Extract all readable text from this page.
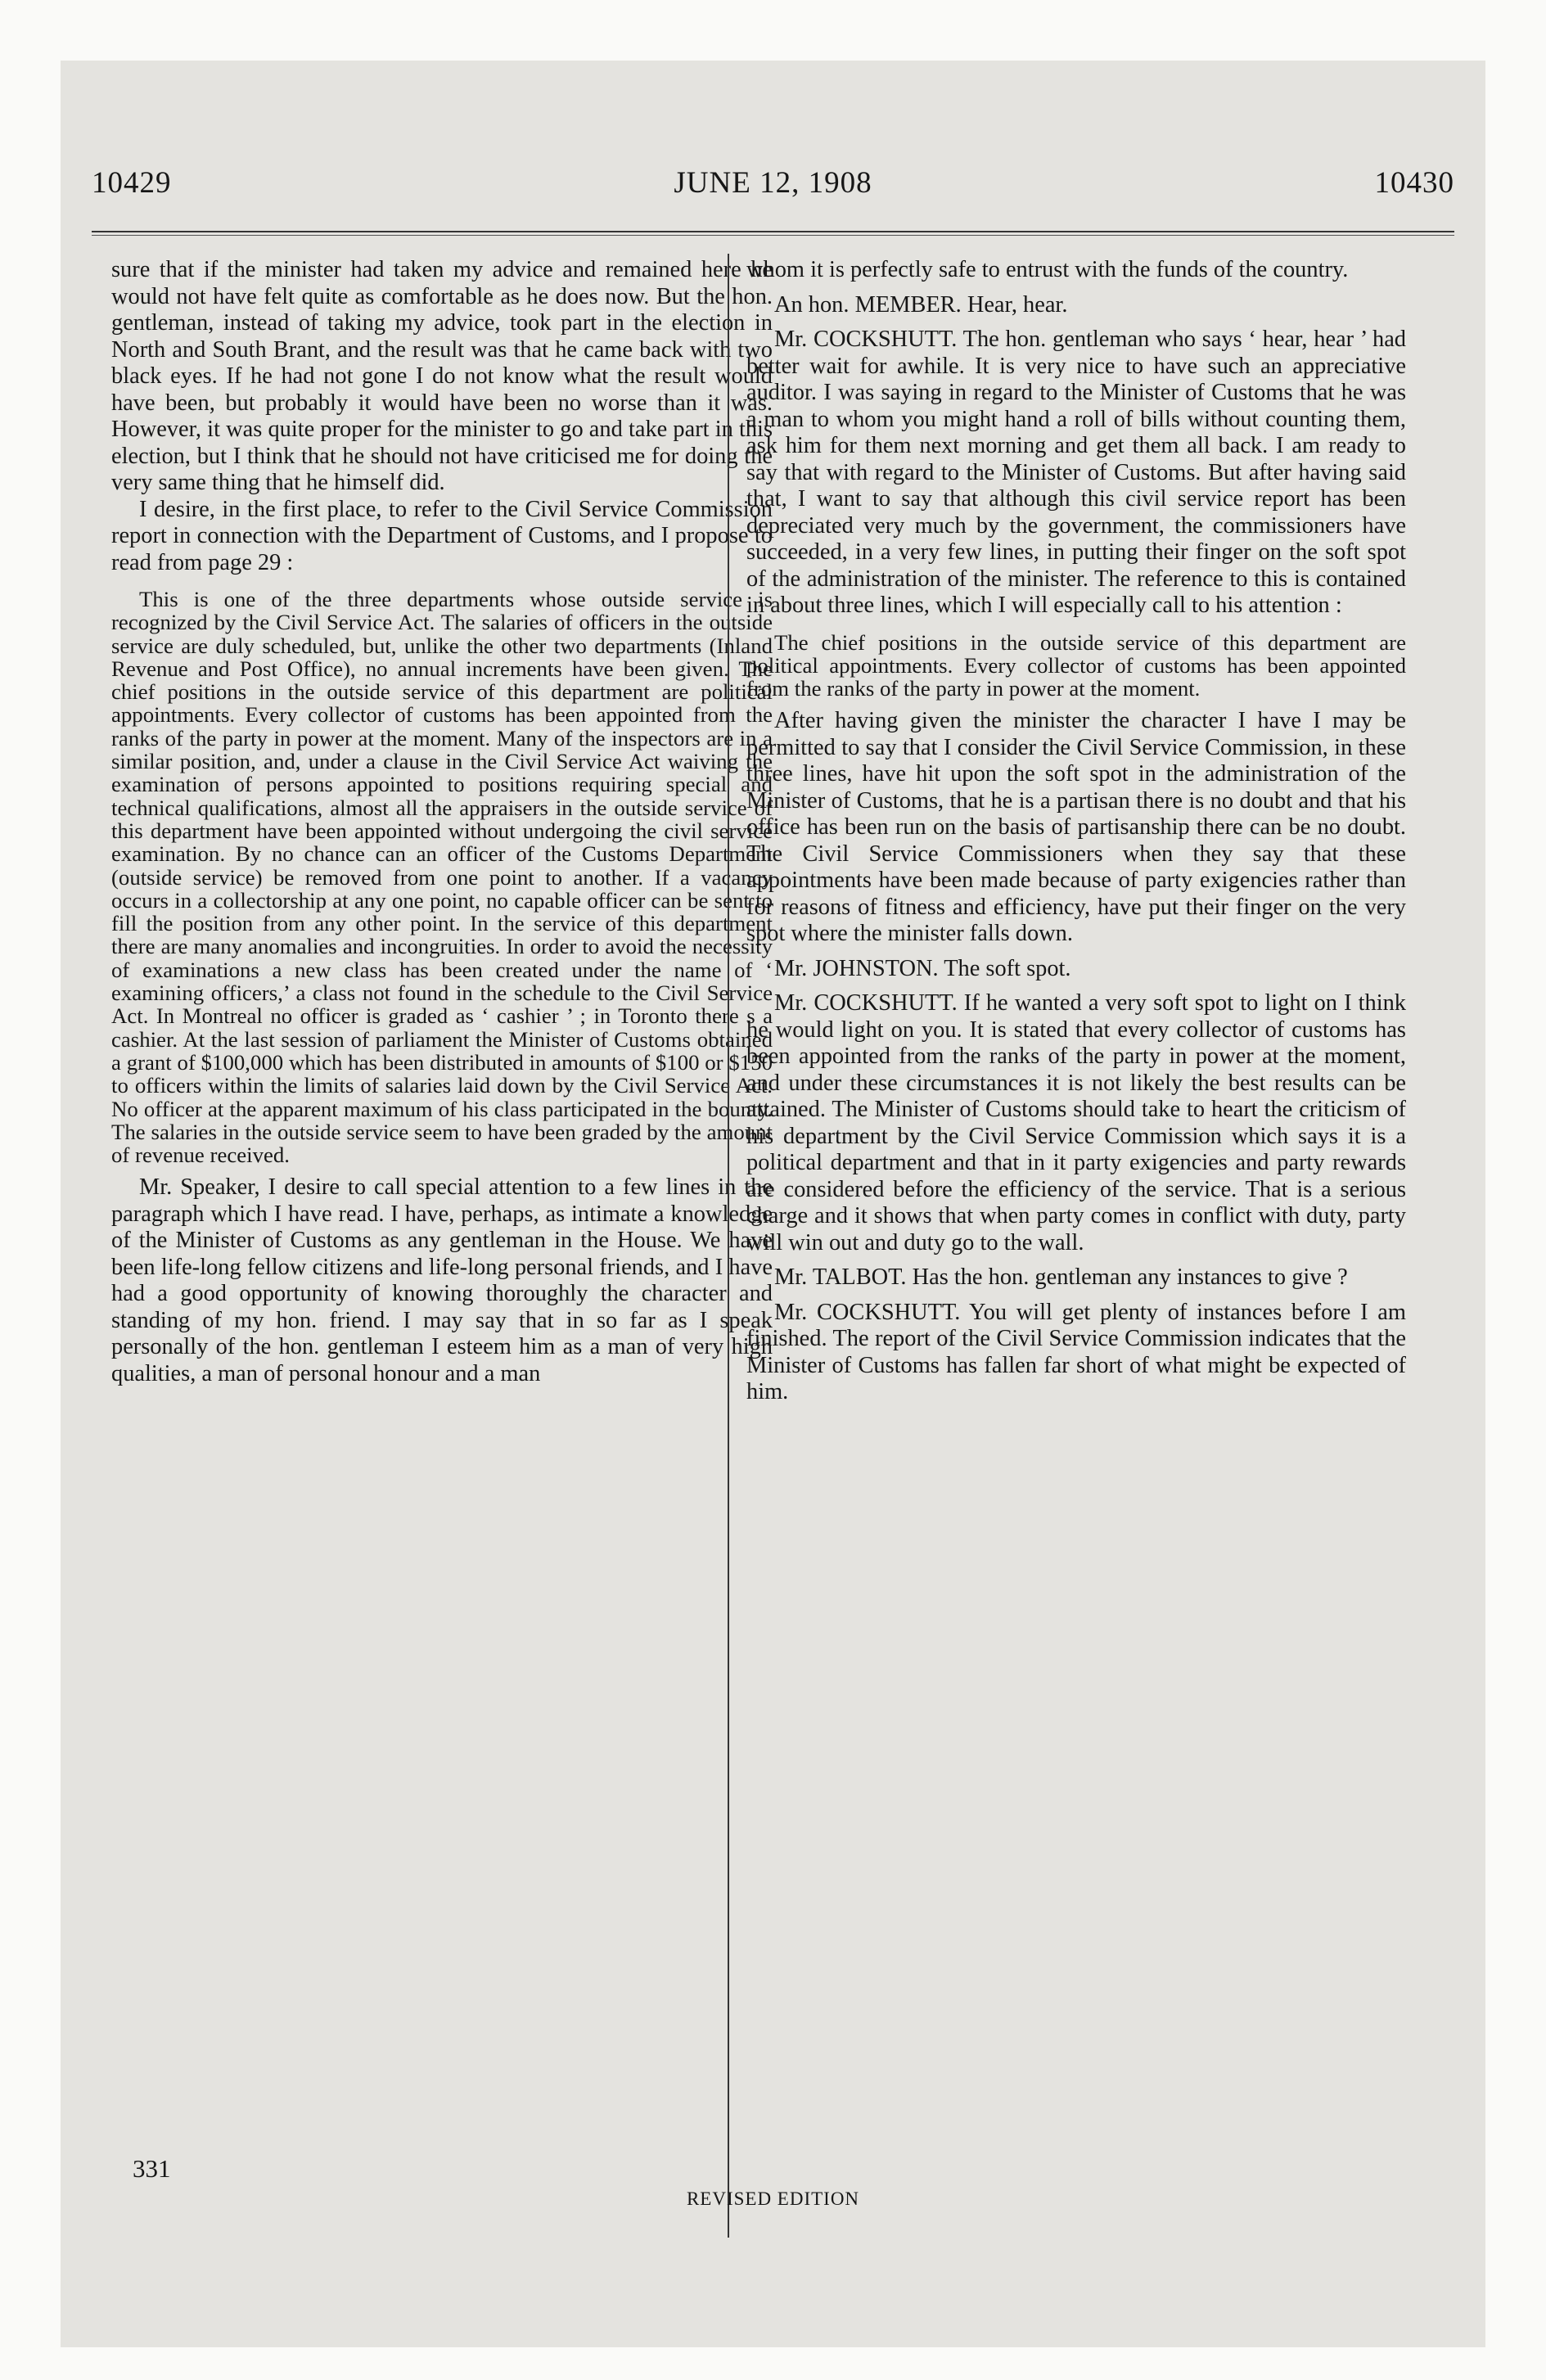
10429	JUNE 12, 1908	10430

sure that if the minister had taken my advice and remained here he would not have felt quite as comfortable as he does now. But the hon. gentleman, instead of taking my advice, took part in the election in North and South Brant, and the result was that he came back with two black eyes. If he had not gone I do not know what the result would have been, but probably it would have been no worse than it was. However, it was quite proper for the minister to go and take part in this election, but I think that he should not have criticised me for doing the very same thing that he himself did.

I desire, in the first place, to refer to the Civil Service Commission report in connection with the Department of Customs, and I propose to read from page 29 :

This is one of the three departments whose outside service is recognized by the Civil Service Act. The salaries of officers in the outside service are duly scheduled, but, unlike the other two departments (Inland Revenue and Post Office), no annual increments have been given. The chief positions in the outside service of this department are political appointments. Every collector of customs has been appointed from the ranks of the party in power at the moment. Many of the inspectors are in a similar position, and, under a clause in the Civil Service Act waiving the examination of persons appointed to positions requiring special and technical qualifications, almost all the appraisers in the outside service of this department have been appointed without undergoing the civil service examination. By no chance can an officer of the Customs Department (outside service) be removed from one point to another. If a vacancy occurs in a collectorship at any one point, no capable officer can be sent to fill the position from any other point. In the service of this department there are many anomalies and incongruities. In order to avoid the necessity of examinations a new class has been created under the name of ‘ examining officers,’ a class not found in the schedule to the Civil Service Act. In Montreal no officer is graded as ‘ cashier ’ ; in Toronto there s a cashier. At the last session of parliament the Minister of Customs obtained a grant of $100,000 which has been distributed in amounts of $100 or $150 to officers within the limits of salaries laid down by the Civil Service Act. No officer at the apparent maximum of his class participated in the bounty. The salaries in the outside service seem to have been graded by the amount of revenue received.

Mr. Speaker, I desire to call special attention to a few lines in the paragraph which I have read. I have, perhaps, as intimate a knowledge of the Minister of Customs as any gentleman in the House. We have been life-long fellow citizens and life-long personal friends, and I have had a good opportunity of knowing thoroughly the character and standing of my hon. friend. I may say that in so far as I speak personally of the hon. gentleman I esteem him as a man of very high qualities, a man of personal honour and a man

whom it is perfectly safe to entrust with the funds of the country.

An hon. MEMBER. Hear, hear.

Mr. COCKSHUTT. The hon. gentleman who says ‘ hear, hear ’ had better wait for awhile. It is very nice to have such an appreciative auditor. I was saying in regard to the Minister of Customs that he was a man to whom you might hand a roll of bills without counting them, ask him for them next morning and get them all back. I am ready to say that with regard to the Minister of Customs. But after having said that, I want to say that although this civil service report has been depreciated very much by the government, the commissioners have succeeded, in a very few lines, in putting their finger on the soft spot of the administration of the minister. The reference to this is contained in about three lines, which I will especially call to his attention :

The chief positions in the outside service of this department are political appointments. Every collector of customs has been appointed from the ranks of the party in power at the moment.

After having given the minister the character I have I may be permitted to say that I consider the Civil Service Commission, in these three lines, have hit upon the soft spot in the administration of the Minister of Customs, that he is a partisan there is no doubt and that his office has been run on the basis of partisanship there can be no doubt. The Civil Service Commissioners when they say that these appointments have been made because of party exigencies rather than for reasons of fitness and efficiency, have put their finger on the very spot where the minister falls down.

Mr. JOHNSTON. The soft spot.

Mr. COCKSHUTT. If he wanted a very soft spot to light on I think he would light on you. It is stated that every collector of customs has been appointed from the ranks of the party in power at the moment, and under these circumstances it is not likely the best results can be attained. The Minister of Customs should take to heart the criticism of his department by the Civil Service Commission which says it is a political department and that in it party exigencies and party rewards are considered before the efficiency of the service. That is a serious charge and it shows that when party comes in conflict with duty, party will win out and duty go to the wall.

Mr. TALBOT. Has the hon. gentleman any instances to give ?

Mr. COCKSHUTT. You will get plenty of instances before I am finished. The report of the Civil Service Commission indicates that the Minister of Customs has fallen far short of what might be expected of him.

331
REVISED EDITION
